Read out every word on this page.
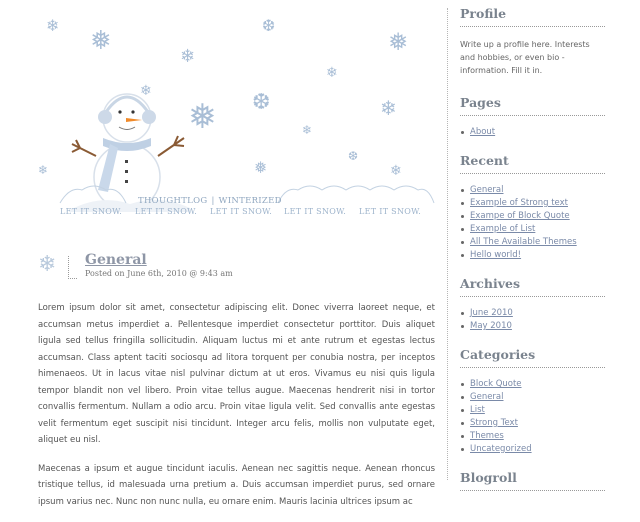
❄
❅
❄
❆
❅
❄
❄	❆
❅	❄
❄
❅	❄
❄
❆
THOUGHTLOG | WINTERIZED
LET IT SNOW. LET IT SNOW. LET IT SNOW. LET IT SNOW. LET IT SNOW.
❄ General
Posted on June 6th, 2010 @ 9:43 am

Lorem ipsum dolor sit amet, consectetur adipiscing elit. Donec viverra laoreet neque, et accumsan metus imperdiet a. Pellentesque imperdiet consectetur porttitor. Duis aliquet ligula sed tellus fringilla sollicitudin. Aliquam luctus mi et ante rutrum et egestas lectus accumsan. Class aptent taciti sociosqu ad litora torquent per conubia nostra, per inceptos himenaeos. Ut in lacus vitae nisl pulvinar dictum at ut eros. Vivamus eu nisi quis ligula tempor blandit non vel libero. Proin vitae tellus augue. Maecenas hendrerit nisi in tortor convallis fermentum. Nullam a odio arcu. Proin vitae ligula velit. Sed convallis ante egestas velit fermentum eget suscipit nisi tincidunt. Integer arcu felis, mollis non vulputate eget, aliquet eu nisl.

Maecenas a ipsum et augue tincidunt iaculis. Aenean nec sagittis neque. Aenean rhoncus tristique tellus, id malesuada urna pretium a. Duis accumsan imperdiet purus, sed ornare ipsum varius nec. Nunc non nunc nulla, eu ornare enim. Mauris lacinia ultrices ipsum ac

Profile
Write up a profile here. Interests and hobbies, or even bio - information. Fill it in.
Pages
About
Recent
General
Example of Strong text
Exampe of Block Quote
Example of List
All The Available Themes
Hello world!
Archives
June 2010
May 2010
Categories
Block Quote
General
List
Strong Text
Themes
Uncategorized
Blogroll
